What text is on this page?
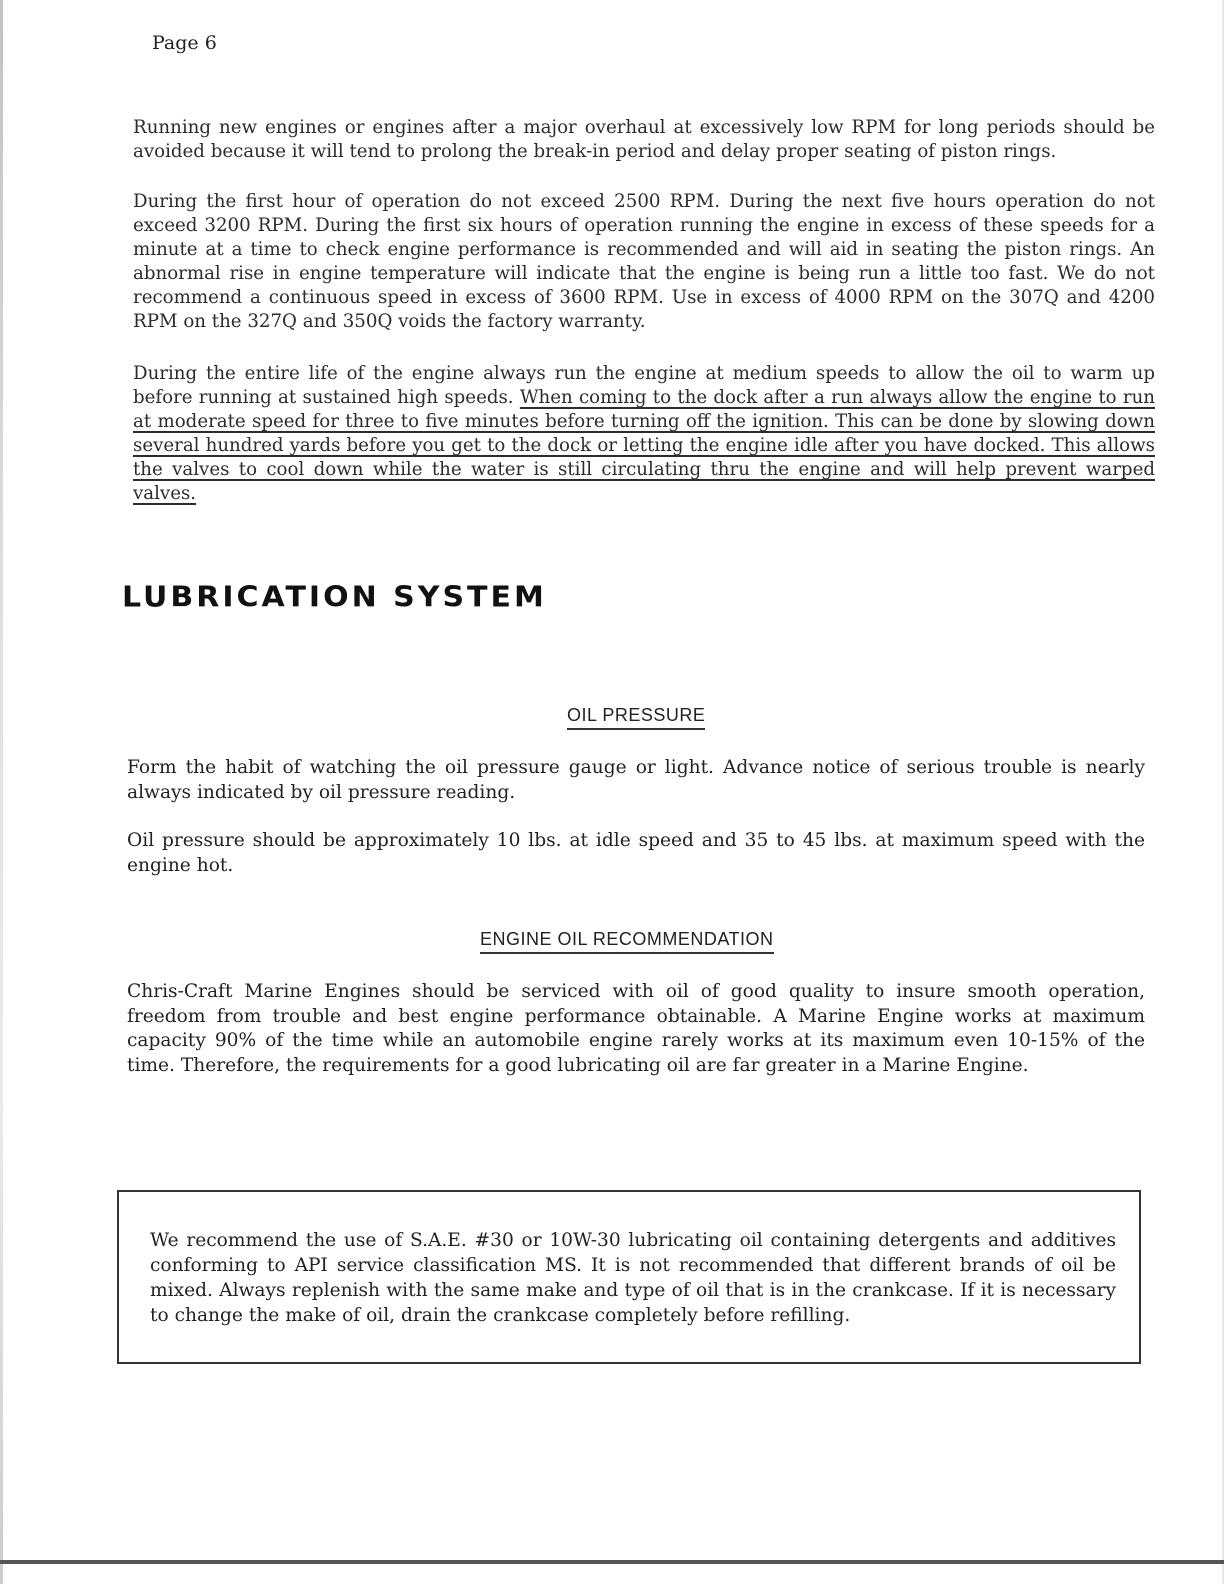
Page 6

Running new engines or engines after a major overhaul at excessively low RPM for long periods should be avoided because it will tend to prolong the break-in period and delay proper seating of piston rings.

During the first hour of operation do not exceed 2500 RPM. During the next five hours operation do not exceed 3200 RPM. During the first six hours of operation running the engine in excess of these speeds for a minute at a time to check engine performance is recommended and will aid in seating the piston rings. An abnormal rise in engine temperature will indicate that the engine is being run a little too fast. We do not recommend a continuous speed in excess of 3600 RPM. Use in excess of 4000 RPM on the 307Q and 4200 RPM on the 327Q and 350Q voids the factory warranty.

During the entire life of the engine always run the engine at medium speeds to allow the oil to warm up before running at sustained high speeds. When coming to the dock after a run always allow the engine to run at moderate speed for three to five minutes before turning off the ignition. This can be done by slowing down several hundred yards before you get to the dock or letting the engine idle after you have docked. This allows the valves to cool down while the water is still circulating thru the engine and will help prevent warped valves.

LUBRICATION SYSTEM
OIL PRESSURE

Form the habit of watching the oil pressure gauge or light. Advance notice of serious trouble is nearly always indicated by oil pressure reading.

Oil pressure should be approximately 10 lbs. at idle speed and 35 to 45 lbs. at maximum speed with the engine hot.

ENGINE OIL RECOMMENDATION

Chris-Craft Marine Engines should be serviced with oil of good quality to insure smooth operation, freedom from trouble and best engine performance obtainable. A Marine Engine works at maximum capacity 90% of the time while an automobile engine rarely works at its maximum even 10-15% of the time. Therefore, the requirements for a good lubricating oil are far greater in a Marine Engine.

We recommend the use of S.A.E. #30 or 10W-30 lubricating oil containing detergents and additives conforming to API service classification MS. It is not recommended that different brands of oil be mixed. Always replenish with the same make and type of oil that is in the crankcase. If it is necessary to change the make of oil, drain the crankcase completely before refilling.
